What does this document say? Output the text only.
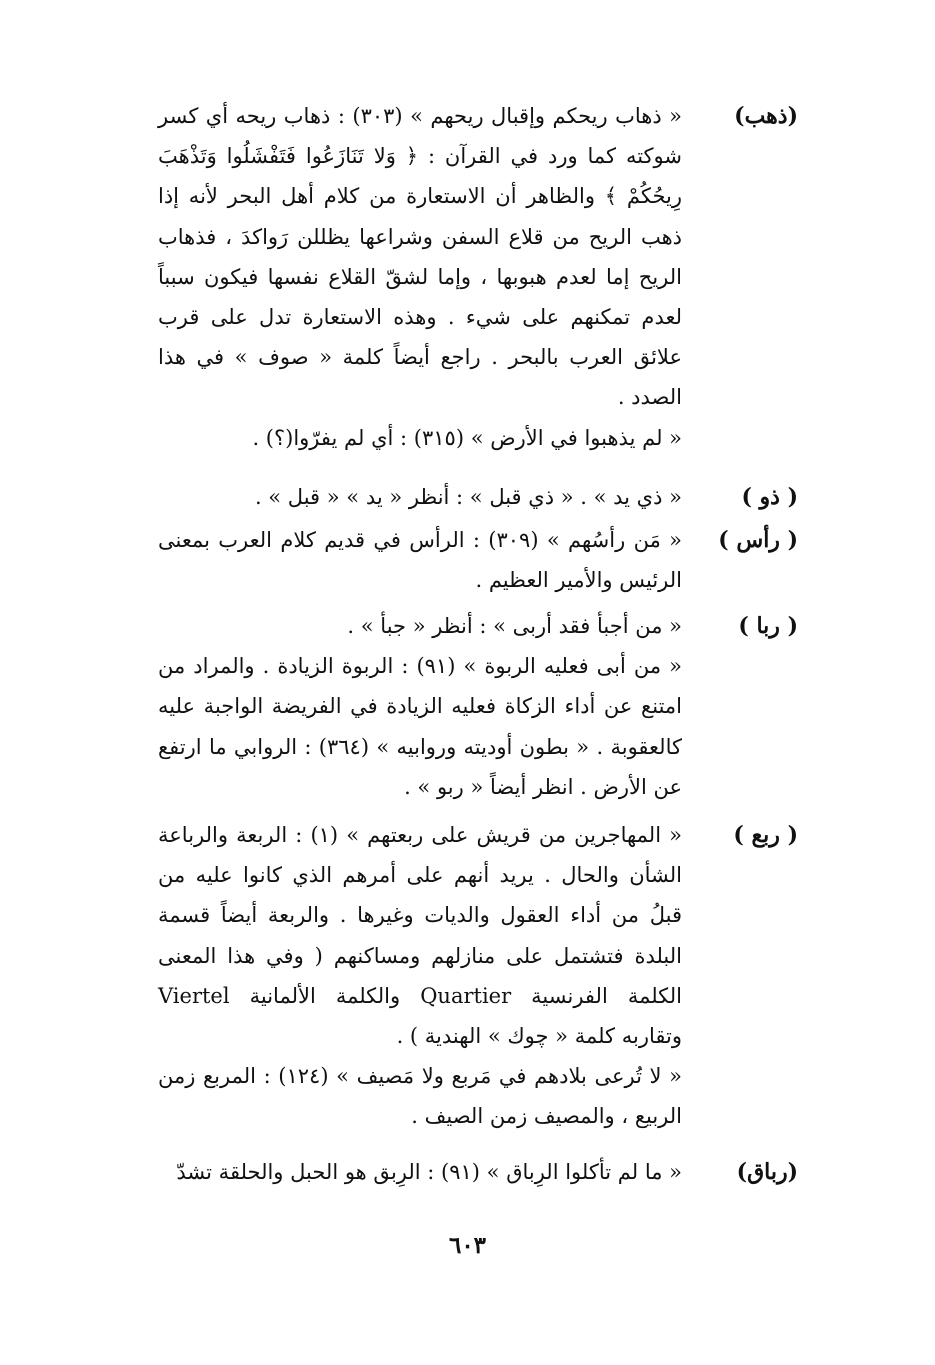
(ذهب)

« ذهاب ريحكم وإقبال ريحهم » (٣٠٣) : ذهاب ريحه أي كسر شوكته كما ورد في القرآن : ﴿ وَلا تَنَازَعُوا فَتَفْشَلُوا وَتَذْهَبَ رِيحُكُمْ ﴾ والظاهر أن الاستعارة من كلام أهل البحر لأنه إذا ذهب الريح من قلاع السفن وشراعها يظللن رَواكدَ ، فذهاب الريح إما لعدم هبوبها ، وإما لشقّ القلاع نفسها فيكون سبباً لعدم تمكنهم على شيء . وهذه الاستعارة تدل على قرب علائق العرب بالبحر . راجع أيضاً كلمة « صوف » في هذا الصدد .

« لم يذهبوا في الأرض » (٣١٥) : أي لم يفرّوا(؟) .

( ذو )

« ذي يد » . « ذي قبل » : أنظر « يد » « قبل » .

( رأس )

« مَن رأسُهم » (٣٠٩) : الرأس في قديم كلام العرب بمعنى الرئيس والأمير العظيم .

( ربا )

« من أجبأ فقد أربى » : أنظر « جبأ » .

« من أبى فعليه الربوة » (٩١) : الربوة الزيادة . والمراد من امتنع عن أداء الزكاة فعليه الزيادة في الفريضة الواجبة عليه كالعقوبة . « بطون أوديته وروابيه » (٣٦٤) : الروابي ما ارتفع عن الأرض . انظر أيضاً « ربو » .

( ربع )

« المهاجرين من قريش على ربعتهم » (١) : الربعة والرباعة الشأن والحال . يريد أنهم على أمرهم الذي كانوا عليه من قبلُ من أداء العقول والديات وغيرها . والربعة أيضاً قسمة البلدة فتشتمل على منازلهم ومساكنهم ( وفي هذا المعنى الكلمة الفرنسية Quartier والكلمة الألمانية Viertel وتقاربه كلمة « چوك » الهندية ) .

« لا تُرعى بلادهم في مَربع ولا مَصيف » (١٢٤) : المربع زمن الربيع ، والمصيف زمن الصيف .

(رباق)

« ما لم تأكلوا الرِباق » (٩١) : الرِبق هو الحبل والحلقة تشدّ

٦٠٣
